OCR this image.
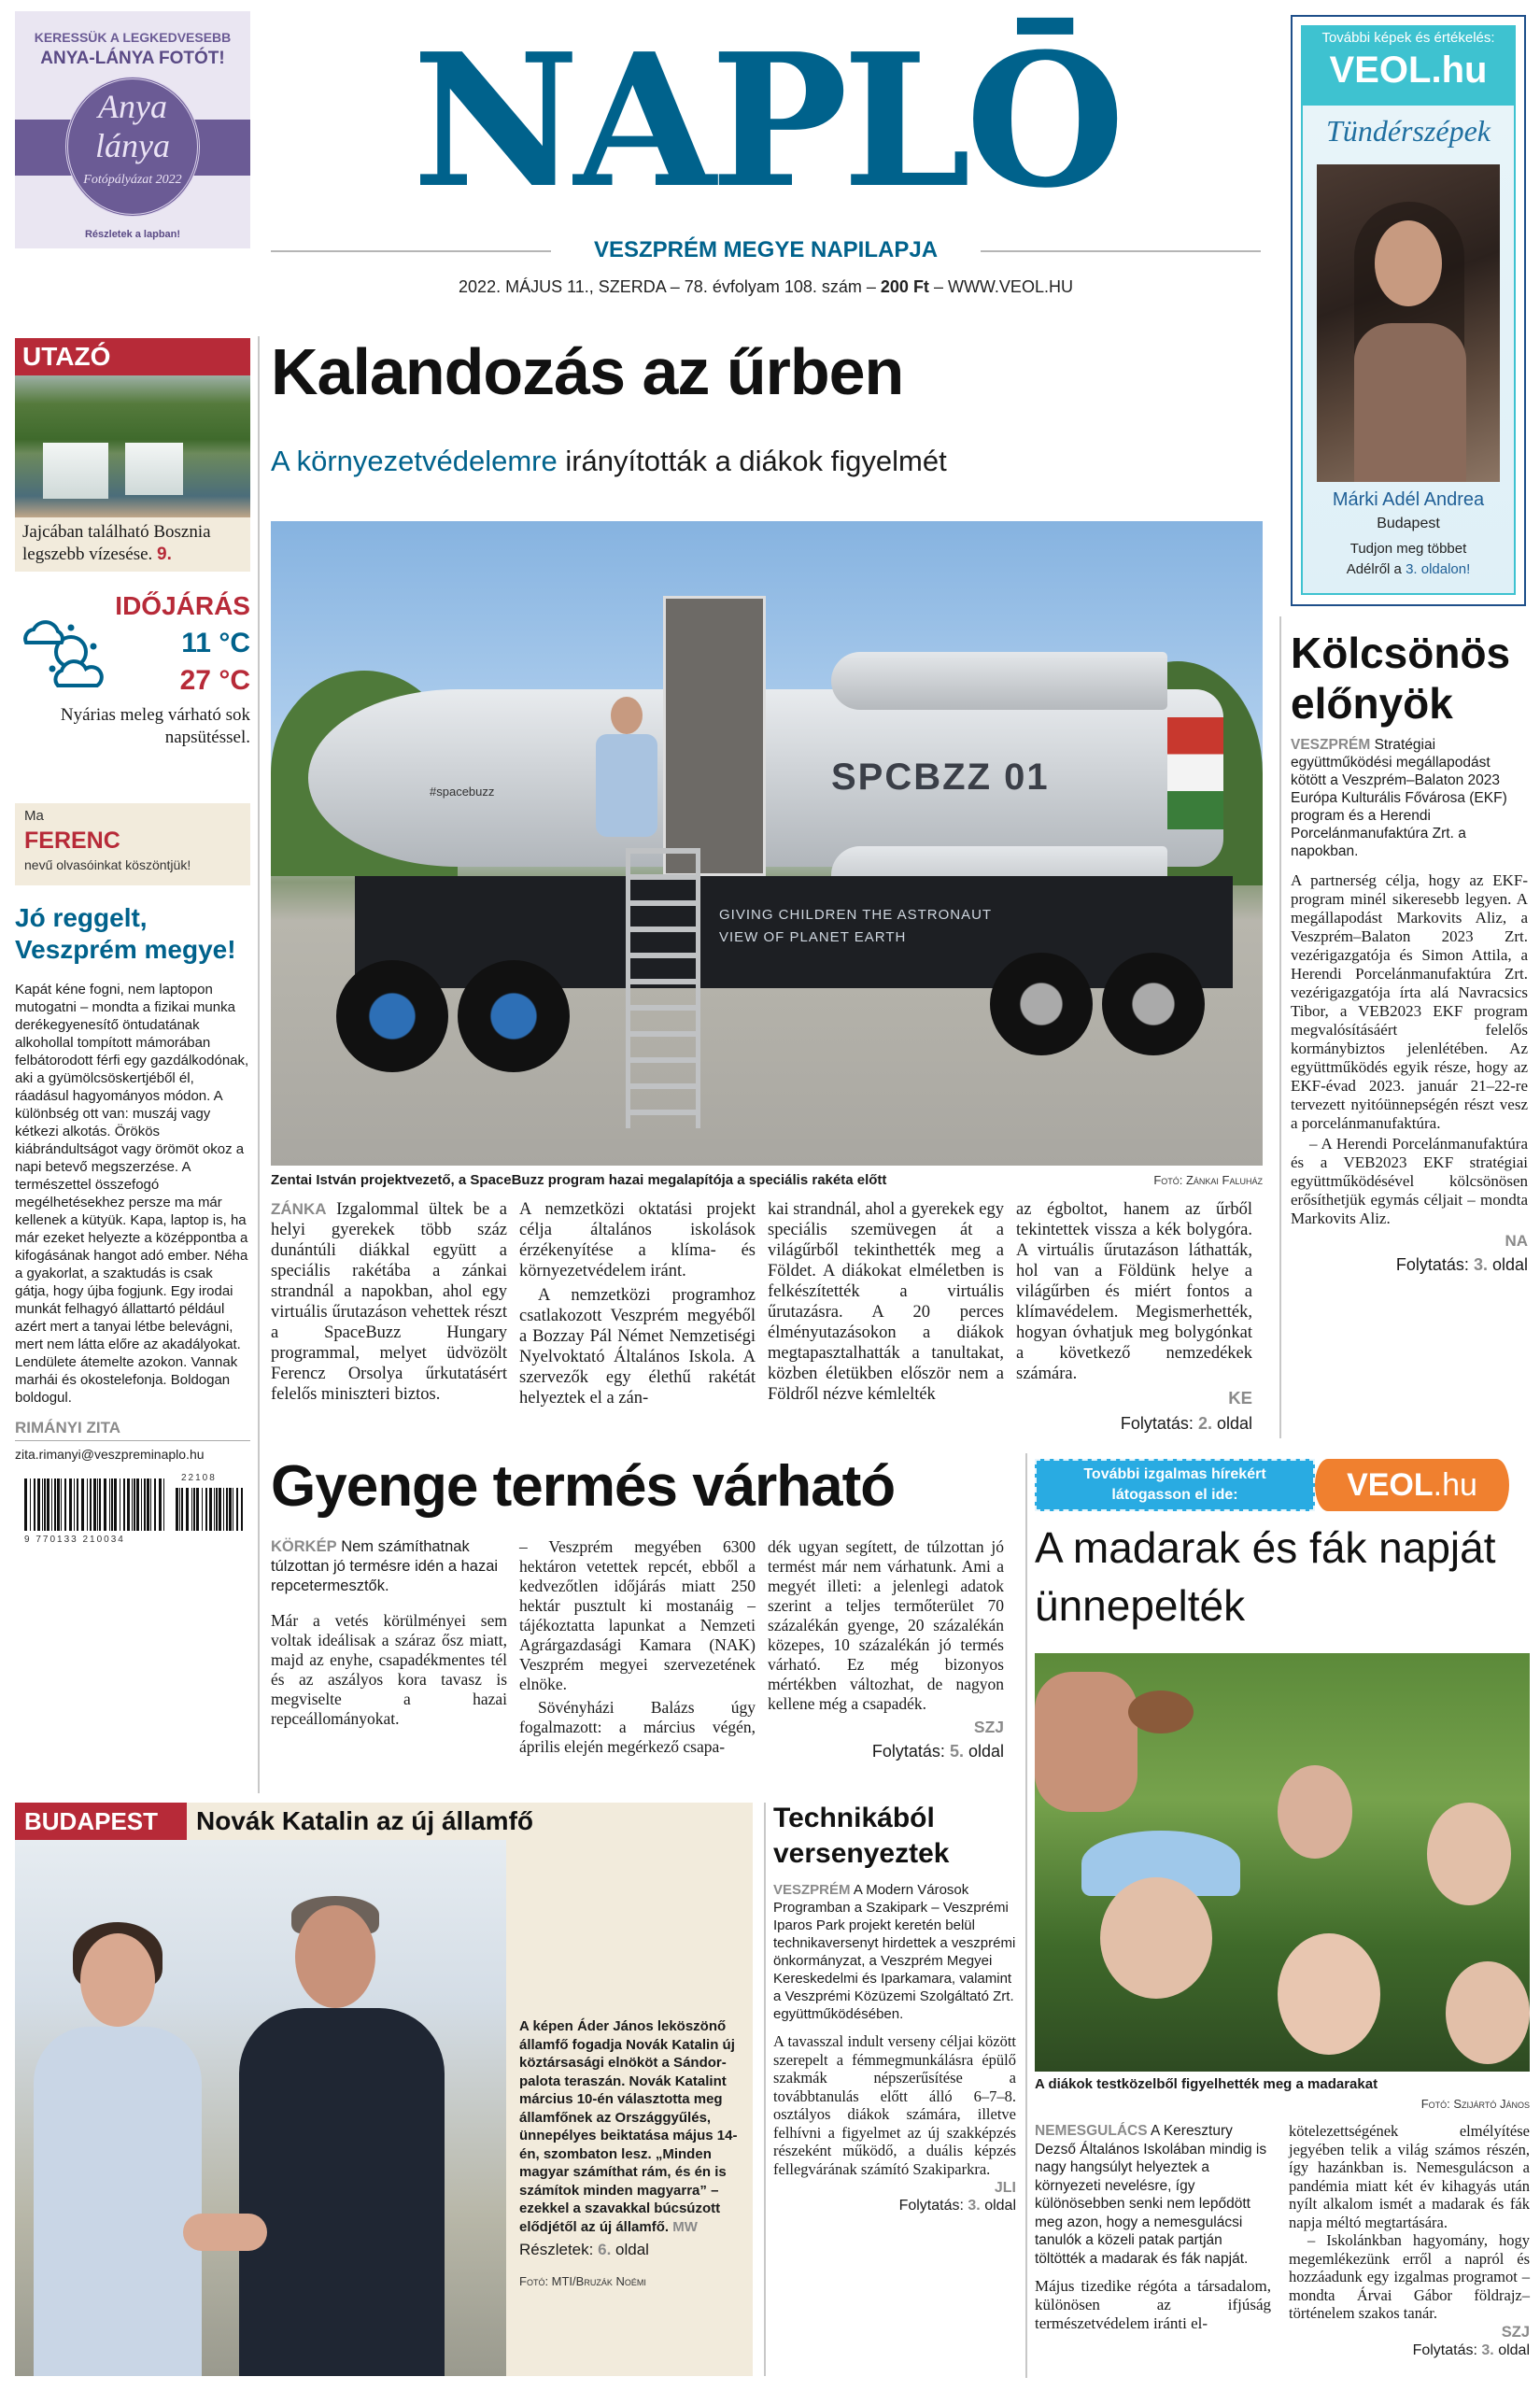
KERESSÜK A LEGKEDVESEBB
ANYA-LÁNYA FOTÓT!
Anya
lánya
Fotópályázat 2022
Részletek a lapban!
NAPLŌ
VESZPRÉM MEGYE NAPILAPJA
2022. MÁJUS 11., SZERDA – 78. évfolyam 108. szám – 200 Ft – WWW.VEOL.HU
További képek és értékelés:
VEOL.hu
Tündérszépek
Márki Adél Andrea
Budapest
Tudjon meg többet
Adélről a 3. oldalon!
UTAZÓ
Jajcában található Bosznia legszebb vízesése. 9.
IDŐJÁRÁS
11 °C
27 °C
Nyárias meleg várható sok napsütéssel.
Ma
FERENC
nevű olvasóinkat köszöntjük!
Jó reggelt, Veszprém megye!
Kapát kéne fogni, nem laptopon mutogatni – mondta a fizikai munka derékegyenesítő öntudatának alkohollal tompított mámorában felbátorodott férfi egy gazdálkodónak, aki a gyümölcsöskertjéből él, ráadásul hagyományos módon. A különbség ott van: muszáj vagy kétkezi alkotás. Örökös kiábrándultságot vagy örömöt okoz a napi betevő megszerzése. A természettel összefogó megélhetésekhez persze ma már kellenek a kütyük. Kapa, laptop is, ha már ezeket helyezte a középpontba a kifogásának hangot adó ember. Néha a gyakorlat, a szaktudás is csak gátja, hogy újba fogjunk. Egy irodai munkát felhagyó állattartó például azért mert a tanyai létbe belevágni, mert nem látta előre az akadályokat. Lendülete átemelte azokon. Vannak marhái és okostelefonja. Boldogan boldogul.
RIMÁNYI ZITA
zita.rimanyi@veszpreminaplo.hu
22108
9 770133 210034
Kalandozás az űrben
A környezetvédelemre irányították a diákok figyelmét
SPCBZZ 01
#spacebuzz
GIVING CHILDREN THE ASTRONAUT
VIEW OF PLANET EARTH
Zentai István projektvezető, a SpaceBuzz program hazai megalapítója a speciális rakéta előtt	Fotó: Zánkai Faluház
ZÁNKA Izgalommal ültek be a helyi gyerekek több száz dunántúli diákkal együtt a speciális rakétába a zánkai strandnál a napokban, ahol egy virtuális űrutazáson vehettek részt a SpaceBuzz Hungary programmal, melyet üdvözölt Ferencz Orsolya űrkutatásért felelős miniszteri biztos.

A nemzetközi oktatási projekt célja általános iskolások érzékenyítése a klíma- és környezetvédelem iránt.

A nemzetközi programhoz csatlakozott Veszprém megyéből a Bozzay Pál Német Nemzetiségi Nyelvoktató Általános Iskola. A szervezők egy élethű rakétát helyeztek el a zán-

kai strandnál, ahol a gyerekek egy speciális szemüvegen át a világűrből tekinthették meg a Földet. A diákokat elméletben is felkészítették a virtuális űrutazásra. A 20 perces élményutazásokon a diákok megtapasztalhatták a tanultakat, közben életükben először nem a Földről nézve kémlelték
az égboltot, hanem az űrből tekintettek vissza a kék bolygóra. A virtuális űrutazáson láthatták, hol van a Földünk helye a világűrben és miért fontos a klímavédelem. Megismerhették, hogyan óvhatjuk meg bolygónkat a következő nemzedékek számára.
KE
Folytatás: 2. oldal
Kölcsönös előnyök
VESZPRÉM Stratégiai együttműködési megállapodást kötött a Veszprém–Balaton 2023 Európa Kulturális Fővárosa (EKF) program és a Herendi Porcelánmanufaktúra Zrt. a napokban.

A partnerség célja, hogy az EKF-program minél sikeresebb legyen. A megállapodást Markovits Aliz, a Veszprém–Balaton 2023 Zrt. vezérigazgatója és Simon Attila, a Herendi Porcelánmanufaktúra Zrt. vezérigazgatója írta alá Navracsics Tibor, a VEB2023 EKF program megvalósításáért felelős kormánybiztos jelenlétében. Az együttműködés egyik része, hogy az EKF-évad 2023. január 21–22-re tervezett nyitóünnepségén részt vesz a porcelánmanufaktúra.

– A Herendi Porcelánmanufaktúra és a VEB2023 EKF stratégiai együttműködésével kölcsönösen erősíthetjük egymás céljait – mondta Markovits Aliz.

NA
Folytatás: 3. oldal
Gyenge termés várható
KÖRKÉP Nem számíthatnak túlzottan jó termésre idén a hazai repcetermesztők.
Már a vetés körülményei sem voltak ideálisak a száraz ősz miatt, majd az enyhe, csapadékmentes tél és az aszályos kora tavasz is megviselte a hazai repceállományokat.

– Veszprém megyében 6300 hektáron vetettek repcét, ebből a kedvezőtlen időjárás miatt 250 hektár pusztult ki mostanáig – tájékoztatta lapunkat a Nemzeti Agrárgazdasági Kamara (NAK) Veszprém megyei szervezetének elnöke.

Sövényházi Balázs úgy fogalmazott: a március végén, április elején megérkező csapa-

dék ugyan segített, de túlzottan jó termést már nem várhatunk. Ami a megyét illeti: a jelenlegi adatok szerint a teljes termőterület 70 százalékán gyenge, 20 százalékán közepes, 10 százalékán jó termés várható. Ez még bizonyos mértékben változhat, de nagyon kellene még a csapadék.
SZJ
Folytatás: 5. oldal
További izgalmas hírekért
látogasson el ide:	VEOL.hu
A madarak és fák napját ünnepelték
A diákok testközelből figyelhették meg a madarakat
Fotó: Szijártó János
NEMESGULÁCS A Keresztury Dezső Általános Iskolában mindig is nagy hangsúlyt helyeztek a környezeti nevelésre, így különösebben senki nem lepődött meg azon, hogy a nemesgulácsi tanulók a közeli patak partján töltötték a madarak és fák napját.
Május tizedike régóta a társadalom, különösen az ifjúság természetvédelem iránti el-

kötelezettségének elmélyítése jegyében telik a világ számos részén, így hazánkban is. Nemesgulácson a pandémia miatt két év kihagyás után nyílt alkalom ismét a madarak és fák napja méltó megtartására.

– Iskolánkban hagyomány, hogy megemlékezünk erről a napról és hozzáadunk egy izgalmas programot – mondta Árvai Gábor földrajz–történelem szakos tanár.

SZJ
Folytatás: 3. oldal
BUDAPEST	Novák Katalin az új államfő
A képen Áder János leköszönő államfő fogadja Novák Katalin új köztársasági elnököt a Sándor-palota teraszán. Novák Katalint március 10-én választotta meg államfőnek az Országgyűlés, ünnepélyes beiktatása május 14-én, szombaton lesz. „Minden magyar számíthat rám, és én is számítok minden magyarra” – ezekkel a szavakkal búcsúzott elődjétől az új államfő. MW
Részletek: 6. oldal
Fotó: MTI/Bruzák Noémi
Technikából versenyeztek
VESZPRÉM A Modern Városok Programban a Szakipark – Veszprémi Iparos Park projekt keretén belül technikaversenyt hirdettek a veszprémi önkormányzat, a Veszprém Megyei Kereskedelmi és Iparkamara, valamint a Veszprémi Közüzemi Szolgáltató Zrt. együttműködésében.
A tavasszal indult verseny céljai között szerepelt a fémmegmunkálásra épülő szakmák népszerűsítése a továbbtanulás előtt álló 6–7–8. osztályos diákok számára, illetve felhívni a figyelmet az új szakképzés részeként működő, a duális képzés fellegvárának számító Szakiparkra.
JLI
Folytatás: 3. oldal
